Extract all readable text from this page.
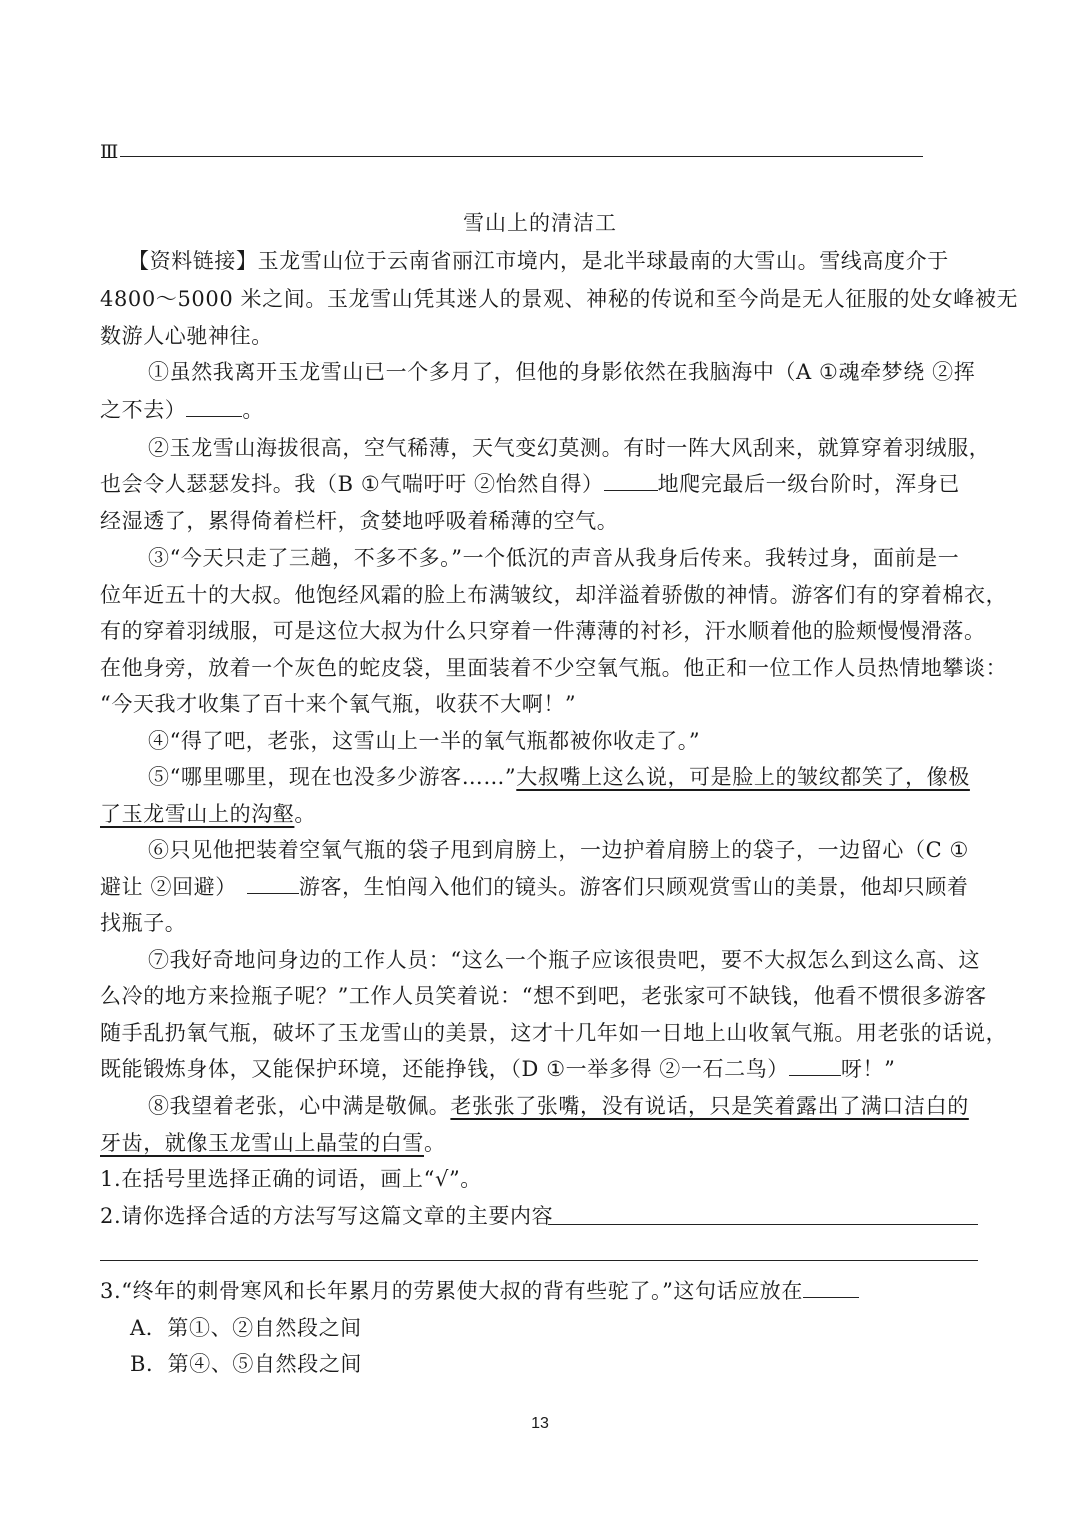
Ⅲ
雪山上的清洁工
【资料链接】玉龙雪山位于云南省丽江市境内，是北半球最南的大雪山。雪线高度介于
4800～5000 米之间。玉龙雪山凭其迷人的景观、神秘的传说和至今尚是无人征服的处女峰被无
数游人心驰神往。
①虽然我离开玉龙雪山已一个多月了，但他的身影依然在我脑海中（A ①魂牵梦绕 ②挥
之不去）	。
②玉龙雪山海拔很高，空气稀薄，天气变幻莫测。有时一阵大风刮来，就算穿着羽绒服，
也会令人瑟瑟发抖。我（B ①气喘吁吁 ②怡然自得）	地爬完最后一级台阶时，浑身已
经湿透了，累得倚着栏杆，贪婪地呼吸着稀薄的空气。
③“今天只走了三趟，不多不多。”一个低沉的声音从我身后传来。我转过身，面前是一
位年近五十的大叔。他饱经风霜的脸上布满皱纹，却洋溢着骄傲的神情。游客们有的穿着棉衣，
有的穿着羽绒服，可是这位大叔为什么只穿着一件薄薄的衬衫，汗水顺着他的脸颊慢慢滑落。
在他身旁，放着一个灰色的蛇皮袋，里面装着不少空氧气瓶。他正和一位工作人员热情地攀谈：
“今天我才收集了百十来个氧气瓶，收获不大啊！”
④“得了吧，老张，这雪山上一半的氧气瓶都被你收走了。”
⑤“哪里哪里，现在也没多少游客……”大叔嘴上这么说，可是脸上的皱纹都笑了，像极
了玉龙雪山上的沟壑。
⑥只见他把装着空氧气瓶的袋子甩到肩膀上，一边护着肩膀上的袋子，一边留心（C ①
避让 ②回避）	游客，生怕闯入他们的镜头。游客们只顾观赏雪山的美景，他却只顾着
找瓶子。
⑦我好奇地问身边的工作人员：“这么一个瓶子应该很贵吧，要不大叔怎么到这么高、这
么冷的地方来捡瓶子呢？”工作人员笑着说：“想不到吧，老张家可不缺钱，他看不惯很多游客
随手乱扔氧气瓶，破坏了玉龙雪山的美景，这才十几年如一日地上山收氧气瓶。用老张的话说，
既能锻炼身体，又能保护环境，还能挣钱，（D ①一举多得 ②一石二鸟） 呀！”
⑧我望着老张，心中满是敬佩。老张张了张嘴，没有说话，只是笑着露出了满口洁白的
牙齿，就像玉龙雪山上晶莹的白雪。
1.在括号里选择正确的词语，画上“√”。
2.请你选择合适的方法写写这篇文章的主要内容
3.“终年的刺骨寒风和长年累月的劳累使大叔的背有些驼了。”这句话应放在
A．第①、②自然段之间
B．第④、⑤自然段之间
13
